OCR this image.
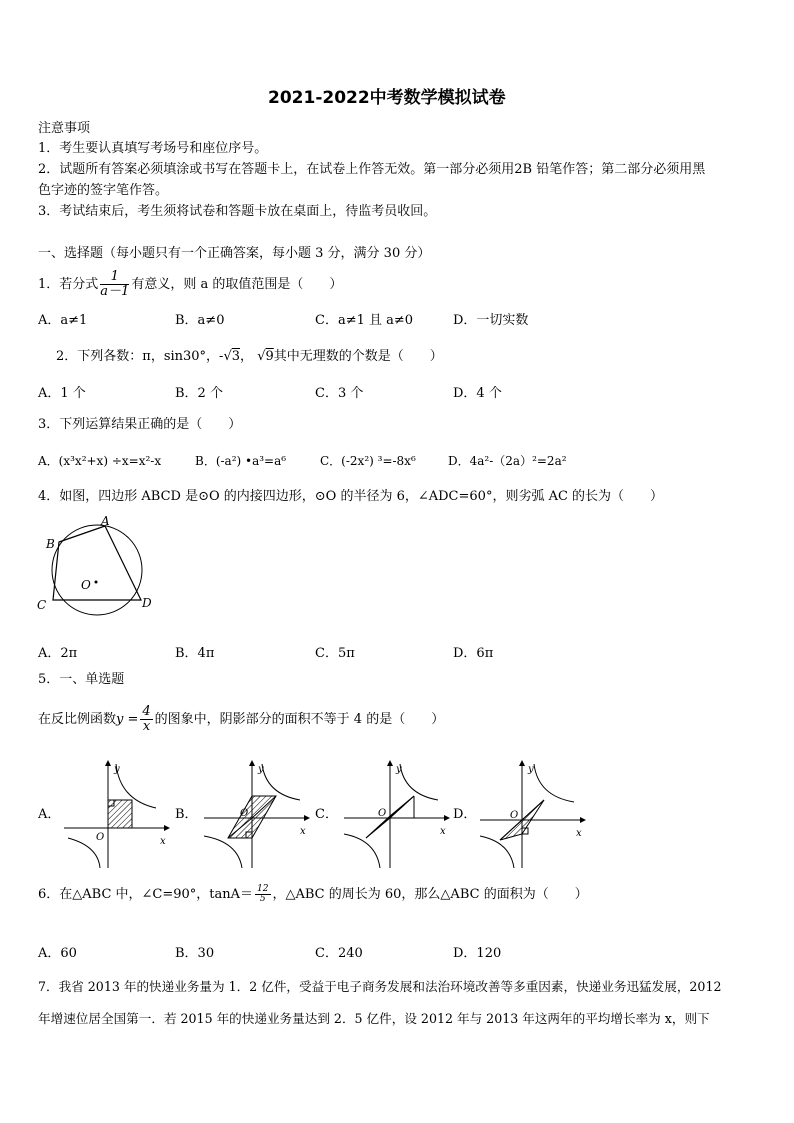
2021-2022中考数学模拟试卷
注意事项
1．考生要认真填写考场号和座位序号。
2．试题所有答案必须填涂或书写在答题卡上，在试卷上作答无效。第一部分必须用2B 铅笔作答；第二部分必须用黑
色字迹的签字笔作答。
3．考试结束后，考生须将试卷和答题卡放在桌面上，待监考员收回。
一、选择题（每小题只有一个正确答案，每小题 3 分，满分 30 分）
1．若分式 $\frac{1}{a-1}$ 有意义，则 a 的取值范围是（　　）
A．a≠1	B．a≠0	C．a≠1 且 a≠0	D．一切实数
2．下列各数：π，sin30°，-√3， √9其中无理数的个数是（　　）
A．1 个	B．2 个	C．3 个	D．4 个
3．下列运算结果正确的是（　　）
A．(x³x²+x) ÷x=x²-x	B．(-a²) •a³=a⁶	C．(-2x²) ³=-8x⁶	D．4a²-（2a）²=2a²
4．如图，四边形 ABCD 是⊙O 的内接四边形，⊙O 的半径为 6，∠ADC=60°，则劣弧 AC 的长为（　　）
A
B
C	D
O
A．2π	B．4π	C．5π	D．6π
5．一、单选题
在反比例函数$y = \frac{4}{x}$ 的图象中，阴影部分的面积不等于 4 的是（　　）
A．
y
x
O
B．
y
x
O	C．
y
x
O	D．
y
x
O
6．在△ABC 中，∠C=90°，$\tan A= \frac{12}{5}$ ，△ABC 的周长为 60，那么△ABC 的面积为（　　）
A．60	B．30	C．240	D．120
7．我省 2013 年的快递业务量为 1．2 亿件，受益于电子商务发展和法治环境改善等多重因素，快递业务迅猛发展，2012
年增速位居全国第一．若 2015 年的快递业务量达到 2．5 亿件，设 2012 年与 2013 年这两年的平均增长率为 x，则下
